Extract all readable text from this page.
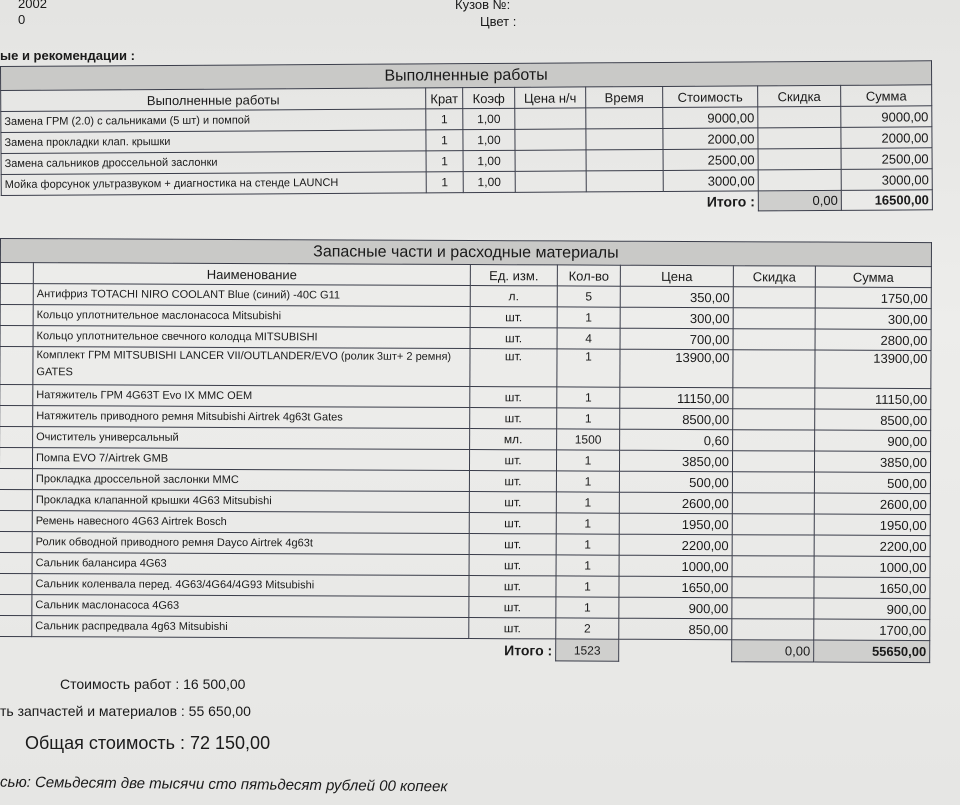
2002
0
Кузов №:
Цвет :
ые и рекомендации :
Выполненные работы							
Выполненные работы	Крат	Коэф	Цена н/ч	Время	Стоимость	Скидка	Сумма
Замена ГРМ (2.0) с сальниками (5 шт) и помпой	1	1,00			9000,00		9000,00
Замена прокладки клап. крышки	1	1,00			2000,00		2000,00
Замена сальников дроссельной заслонки	1	1,00			2500,00		2500,00
Мойка форсунок ультразвуком + диагностика на стенде LAUNCH	1	1,00			3000,00		3000,00
					Итого :	0,00	16500,00
Запасные части и расходные материалы						
	Наименование	Ед. изм.	Кол-во	Цена	Скидка	Сумма
	Антифриз TOTACHI NIRO COOLANT Blue (синий) -40C G11	л.	5	350,00		1750,00
	Кольцо уплотнительное маслонасоса Mitsubishi	шт.	1	300,00		300,00
	Кольцо уплотнительное свечного колодца MITSUBISHI	шт.	4	700,00		2800,00
	Комплект ГРМ MITSUBISHI LANCER VII/OUTLANDER/EVO (ролик 3шт+ 2 ремня) GATES	шт.	1	13900,00		13900,00
	Натяжитель ГРМ 4G63T Evo IX MMC OEM	шт.	1	11150,00		11150,00
	Натяжитель приводного ремня Mitsubishi Airtrek 4g63t Gates	шт.	1	8500,00		8500,00
	Очиститель универсальный	мл.	1500	0,60		900,00
	Помпа EVO 7/Airtrek GMB	шт.	1	3850,00		3850,00
	Прокладка дроссельной заслонки MMC	шт.	1	500,00		500,00
	Прокладка клапанной крышки 4G63 Mitsubishi	шт.	1	2600,00		2600,00
	Ремень навесного 4G63 Airtrek Bosch	шт.	1	1950,00		1950,00
	Ролик обводной приводного ремня Dayco Airtrek 4g63t	шт.	1	2200,00		2200,00
	Сальник балансира 4G63	шт.	1	1000,00		1000,00
	Сальник коленвала перед. 4G63/4G64/4G93 Mitsubishi	шт.	1	1650,00		1650,00
	Сальник маслонасоса 4G63	шт.	1	900,00		900,00
	Сальник распредвала 4g63 Mitsubishi	шт.	2	850,00		1700,00
		Итого :	1523		0,00	55650,00
Стоимость работ : 16 500,00
ть запчастей и материалов : 55 650,00
Общая стоимость : 72 150,00
сью: Семьдесят две тысячи сто пятьдесят рублей 00 копеек
